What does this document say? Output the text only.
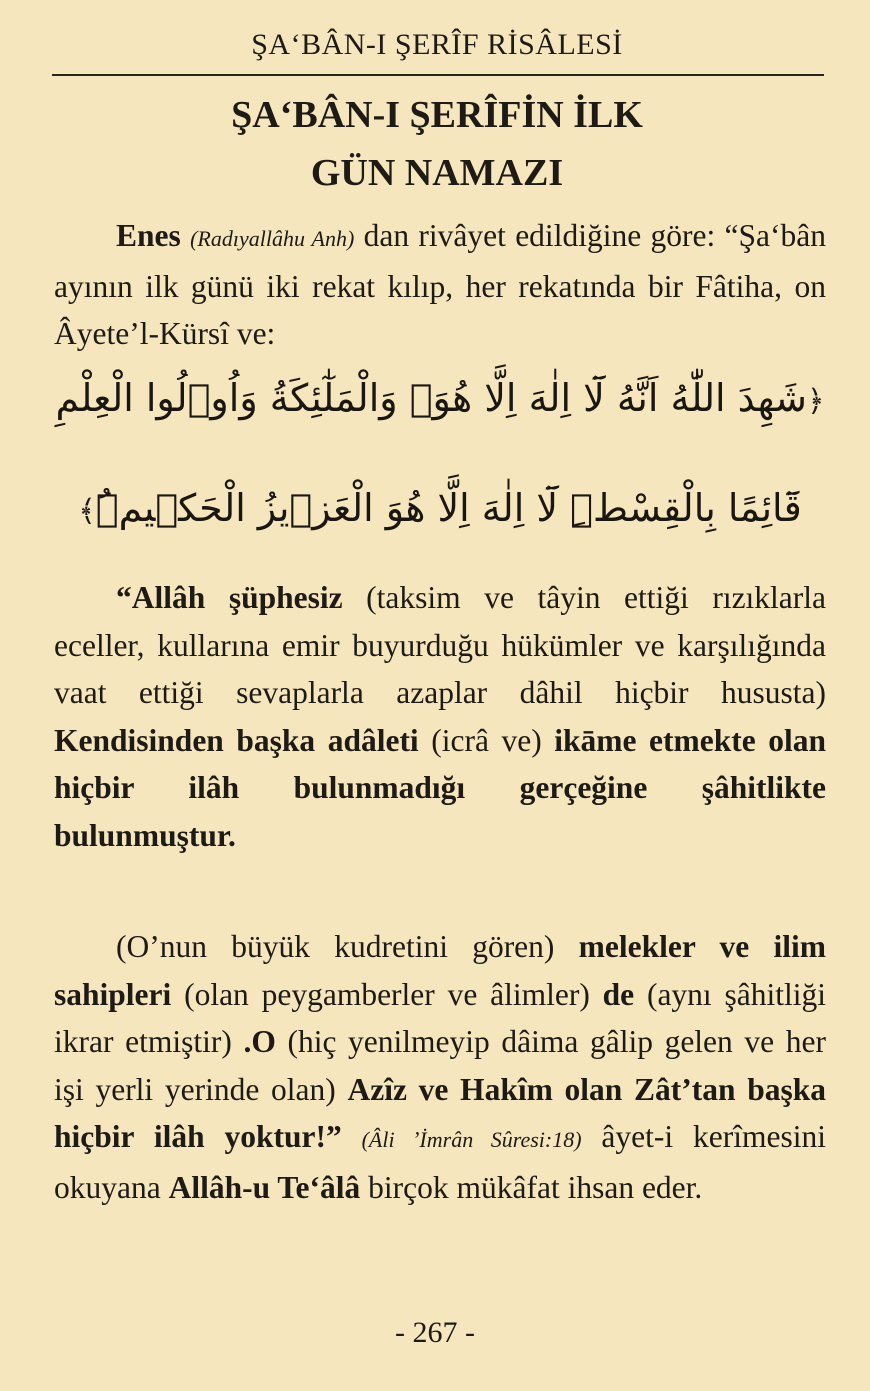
ŞA‘BÂN-I ŞERÎF RİSÂLESİ
ŞA‘BÂN-I ŞERÎFİN İLK
GÜN NAMAZI
Enes (Radıyallâhu Anh) dan rivâyet edildiğine göre: “Şa‘bân ayının ilk günü iki rekat kılıp, her rekatında bir Fâtiha, on Âyete’l-Kürsî ve:
﴿شَهِدَ اللّٰهُ اَنَّهُ لَٓا اِلٰهَ اِلَّا هُوَۙ وَالْمَلٰٓئِكَةُ وَاُو۬لُوا الْعِلْمِ
قَٓائِمًا بِالْقِسْطِۜ لَٓا اِلٰهَ اِلَّا هُوَ الْعَز۪يزُ الْحَك۪يمُۜ﴾
“Allâh şüphesiz (taksim ve tâyin ettiği rızıklarla eceller, kullarına emir buyurduğu hükümler ve karşılığında vaat ettiği sevaplarla azaplar dâhil hiçbir hususta) Kendisinden başka adâleti (icrâ ve) ikāme etmekte olan hiçbir ilâh bulunmadığı gerçeğine şâhitlikte bulunmuştur.
(O’nun büyük kudretini gören) melekler ve ilim sahipleri (olan peygamberler ve âlimler) de (aynı şâhitliği ikrar etmiştir) .O (hiç yenilmeyip dâima gâlip gelen ve her işi yerli yerinde olan) Azîz ve Hakîm olan Zât’tan başka hiçbir ilâh yoktur!” (Âli ʼİmrân Sûresi:18) âyet-i kerîmesini okuyana Allâh-u Te‘âlâ birçok mükâfat ihsan eder.
- 267 -
